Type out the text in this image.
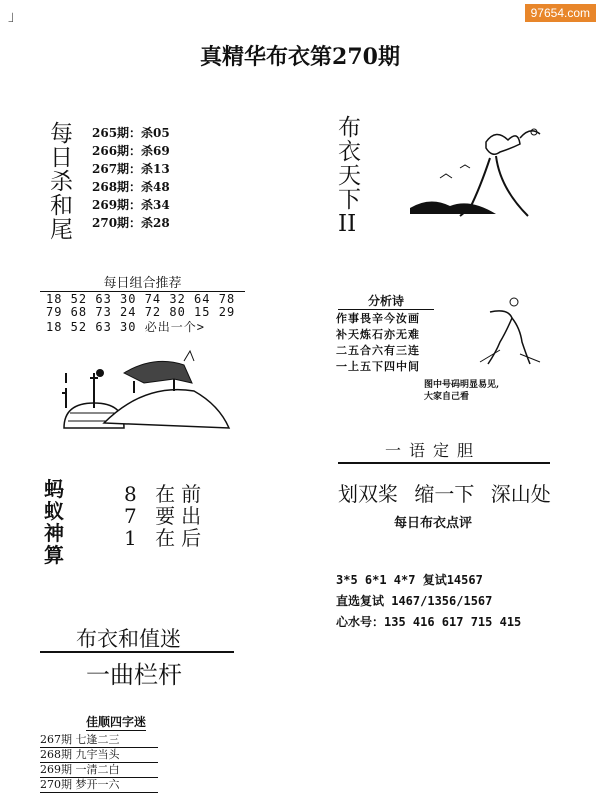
」	97654.com
真精华布衣第270期
每
日
杀
和
尾
265期：杀05
266期：杀69
267期：杀13
268期：杀48
269期：杀34
270期：杀28
布
衣
天
下
II
每日组合推荐
18 52 63 30 74 32 64 78
79 68 73 24 72 80 15 29
18 52 63 30 必出一个>
分析诗
作事畏辛今汝画
补天炼石亦无难
二五合六有三连
一上五下四中间
图中号码明显易见,
大家自己看
一语定胆
划双桨 缩一下 深山处
每日布衣点评
3*5 6*1 4*7 复试14567
直选复试 1467/1356/1567
心水号：135 416 617 715 415
蚂
蚁
神
算
8 在前
7 要出
1 在后
布衣和值迷
一曲栏杆
佳顺四字迷
267期 七逢二三
268期 九宇当头
269期 一清二白
270期 梦开一六
